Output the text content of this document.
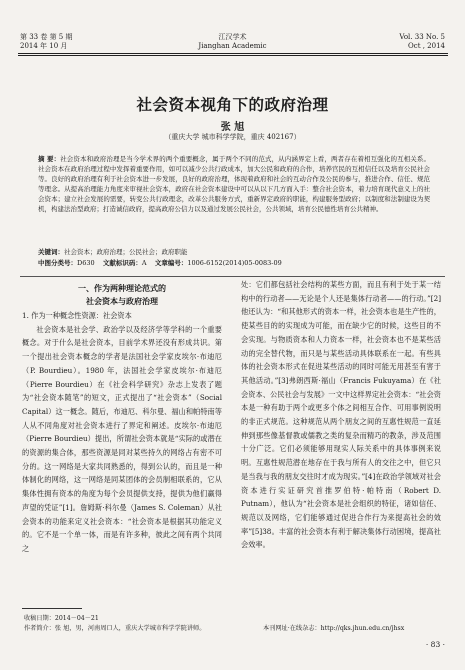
第 33 卷 第 5 期
2014 年 10 月
江汉学术
Jianghan Academic
Vol. 33 No. 5
Oct , 2014
社会资本视角下的政府治理
张 旭
（重庆大学 城市科学学院，重庆 402167）
摘 要：社会资本和政府治理是当今学术界的两个重要概念，属于两个不同的范式，从内涵界定上看，两者存在着相互强化的互相关系。社会资本在政府治理过程中发挥着重要作用，如可以减少公共行政成本，加大公民和政府的合作，培养官民的互相信任以及培育公民社会等。良好的政府治理有利于社会资本进一步发展，良好的政府治理，体现着政府和社会的互动合作及公民的参与，推进合作、信任、规范等理念。从提高治理能力角度来审视社会资本，政府在社会资本建设中可以从以下几方面入手：整合社会资本，着力培育现代意义上的社会资本；建立社会发展的需要，转变公共行政理念，改革公共服务方式，重新界定政府的职能，构建服务型政府；以制度和法制建设为契机，构建法治型政府；打造诚信政府，提高政府公信力以及通过发展公民社会，公共领域，培育公民德性培育公共精神。
关键词：社会资本；政府治理；公民社会；政府职能
中图分类号：D630 文献标识码：A 文章编号：1006-6152(2014)05-0083-09

一、作为两种理论范式的

社会资本与政府治理

1. 作为一种概念性资源：社会资本

社会资本是社会学、政治学以及经济学等学科的一个重要概念。对于什么是社会资本，目前学术界还没有形成共识。第一个提出社会资本概念的学者是法国社会学家皮埃尔·布迪厄（P. Bourdieu）。1980 年，法国社会学家皮埃尔·布迪厄（Pierre Bourdieu）在《社会科学研究》杂志上发表了题为“社会资本随笔”的短文，正式提出了“社会资本”（Social Capital）这一概念。随后，布迪厄、科尔曼、福山和帕特南等人从不同角度对社会资本进行了界定和阐述。皮埃尔·布迪厄（Pierre Bourdieu）提出，所谓社会资本就是“实际的或潜在的资源的集合体，那些资源是同对某些持久的网络占有密不可分的。这一网络是大家共同熟悉的，得到公认的，而且是一种体制化的网络，这一网络是同某团体的会员制相联系的，它从集体性拥有资本的角度为每个会员提供支持，提供为他们赢得声望的凭证”[1]。詹姆斯·科尔曼（James S. Coleman）从社会资本的功能来定义社会资本：“社会资本是根据其功能定义的。它不是一个单一体，而是有许多种，彼此之间有两个共同之

处：它们都包括社会结构的某些方面，而且有利于处于某一结构中的行动者——无论是个人还是集体行动者——的行动。”[2]他还认为：“和其他形式的资本一样，社会资本也是生产性的，使某些目的的实现成为可能，而在缺少它的时候，这些目的不会实现。与物质资本和人力资本一样，社会资本也不是某些活动的完全替代物，而只是与某些活动具体联系在一起。有些具体的社会资本形式在促进某些活动的同时可能无用甚至有害于其他活动。”[3]弗朗西斯·福山（Francis Fukuyama）在《社会资本、公民社会与发展》一文中这样界定社会资本：“社会资本是一种有助于两个或更多个体之间相互合作、可用事例说明的非正式规范。这种规范从两个朋友之间的互惠性规范一直延伸到那些像基督教或儒教之类的复杂而精巧的教条，涉及范围十分广泛。它们必须能够用现实人际关系中的具体事例来说明。互惠性规范潜在地存在于我与所有人的交往之中，但它只是当我与我的朋友交往时才成为现实。”[4]在政治学领域对社会资本进行实证研究首推罗伯特·帕特南（Robert D. Putnam），他认为“社会资本是社会组织的特征，诸如信任、规范以及网络，它们能够通过促进合作行为来提高社会的效率”[5]38。丰富的社会资本有利于解决集体行动困境，提高社会效率。

收稿日期：2014－04－21
作者简介：张 旭，男，河南周口人，重庆大学城市科学学院讲师。	本刊网址·在线杂志：http://qks.jhun.edu.cn/jhsx
· 83 ·
